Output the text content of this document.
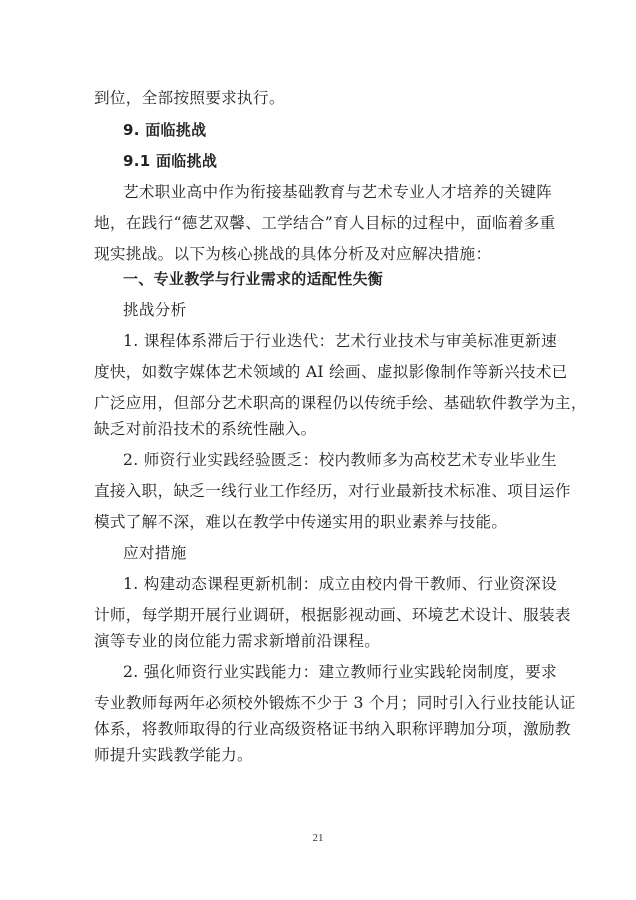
到位，全部按照要求执行。
9. 面临挑战
9.1 面临挑战
艺术职业高中作为衔接基础教育与艺术专业人才培养的关键阵
地，在践行“德艺双馨、工学结合”育人目标的过程中，面临着多重
现实挑战。以下为核心挑战的具体分析及对应解决措施：
一、专业教学与行业需求的适配性失衡
挑战分析
1. 课程体系滞后于行业迭代：艺术行业技术与审美标准更新速
度快，如数字媒体艺术领域的 AI 绘画、虚拟影像制作等新兴技术已
广泛应用，但部分艺术职高的课程仍以传统手绘、基础软件教学为主，
缺乏对前沿技术的系统性融入。
2. 师资行业实践经验匮乏：校内教师多为高校艺术专业毕业生
直接入职，缺乏一线行业工作经历，对行业最新技术标准、项目运作
模式了解不深，难以在教学中传递实用的职业素养与技能。
应对措施
1. 构建动态课程更新机制：成立由校内骨干教师、行业资深设
计师，每学期开展行业调研，根据影视动画、环境艺术设计、服装表
演等专业的岗位能力需求新增前沿课程。
2. 强化师资行业实践能力：建立教师行业实践轮岗制度，要求
专业教师每两年必须校外锻炼不少于 3 个月；同时引入行业技能认证
体系，将教师取得的行业高级资格证书纳入职称评聘加分项，激励教
师提升实践教学能力。
21
